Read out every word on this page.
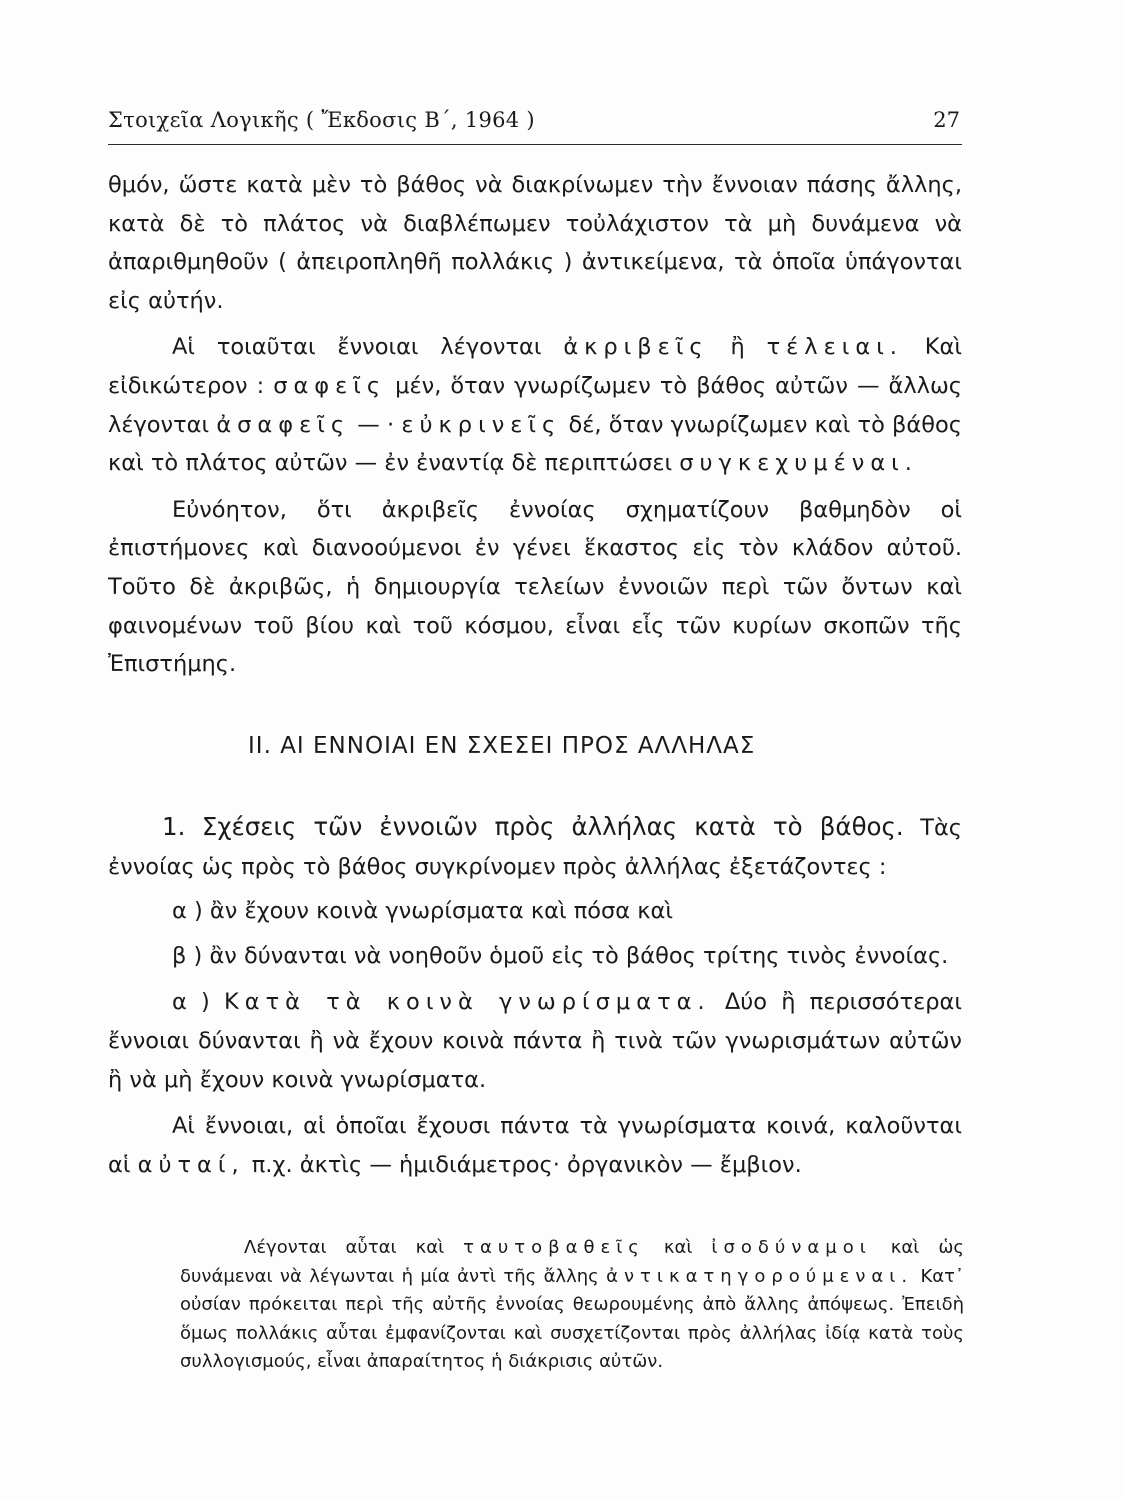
Στοιχεῖα Λογικῆς ( Ἔκδοσις Β΄, 1964 )	27

θμόν, ὥστε κατὰ μὲν τὸ βάθος νὰ διακρίνωμεν τὴν ἔννοιαν πάσης ἄλλης, κατὰ δὲ τὸ πλάτος νὰ διαβλέπωμεν τοὐλάχιστον τὰ μὴ δυνάμενα νὰ ἀπαριθμηθοῦν ( ἀπειροπληθῆ πολλάκις ) ἀντικείμενα, τὰ ὁποῖα ὑπάγονται εἰς αὐτήν.

Αἱ τοιαῦται ἔννοιαι λέγονται ἀκριβεῖς ἢ τέλειαι. Καὶ εἰδικώτερον : σαφεῖς μέν, ὅταν γνωρίζωμεν τὸ βάθος αὐτῶν — ἄλλως λέγονται ἀσαφεῖς — · εὐκρινεῖς δέ, ὅταν γνωρίζωμεν καὶ τὸ βάθος καὶ τὸ πλάτος αὐτῶν — ἐν ἐναντίᾳ δὲ περιπτώσει συγκεχυμέναι.

Εὐνόητον, ὅτι ἀκριβεῖς ἐννοίας σχηματίζουν βαθμηδὸν οἱ ἐπιστήμονες καὶ διανοούμενοι ἐν γένει ἕκαστος εἰς τὸν κλάδον αὐτοῦ. Τοῦτο δὲ ἀκριβῶς, ἡ δημιουργία τελείων ἐννοιῶν περὶ τῶν ὄντων καὶ φαινομένων τοῦ βίου καὶ τοῦ κόσμου, εἶναι εἷς τῶν κυρίων σκοπῶν τῆς Ἐπιστήμης.

II. ΑΙ ΕΝΝΟΙΑΙ ΕΝ ΣΧΕΣΕΙ ΠΡΟΣ ΑΛΛΗΛΑΣ

1. Σχέσεις τῶν ἐννοιῶν πρὸς ἀλλήλας κατὰ τὸ βάθος. Τὰς ἐννοίας ὡς πρὸς τὸ βάθος συγκρίνομεν πρὸς ἀλλήλας ἐξετάζοντες :

α ) ἂν ἔχουν κοινὰ γνωρίσματα καὶ πόσα καὶ

β ) ἂν δύνανται νὰ νοηθοῦν ὁμοῦ εἰς τὸ βάθος τρίτης τινὸς ἐννοίας.

α ) Κατὰ τὰ κοινὰ γνωρίσματα. Δύο ἢ περισσότεραι ἔννοιαι δύνανται ἢ νὰ ἔχουν κοινὰ πάντα ἢ τινὰ τῶν γνωρισμάτων αὐτῶν ἢ νὰ μὴ ἔχουν κοινὰ γνωρίσματα.

Αἱ ἔννοιαι, αἱ ὁποῖαι ἔχουσι πάντα τὰ γνωρίσματα κοινά, καλοῦνται αἱ αὐταί, π.χ. ἀκτὶς — ἡμιδιάμετρος· ὀργανικὸν — ἔμβιον.

Λέγονται αὗται καὶ ταυτοβαθεῖς καὶ ἰσοδύναμοι καὶ ὡς δυνάμεναι νὰ λέγωνται ἡ μία ἀντὶ τῆς ἄλλης ἀντικατηγορούμεναι. Κατ᾽ οὐσίαν πρόκειται περὶ τῆς αὐτῆς ἐννοίας θεωρουμένης ἀπὸ ἄλλης ἀπόψεως. Ἐπειδὴ ὅμως πολλάκις αὗται ἐμφανίζονται καὶ συσχετίζονται πρὸς ἀλλήλας ἰδίᾳ κατὰ τοὺς συλλογισμούς, εἶναι ἀπαραίτητος ἡ διάκρισις αὐτῶν.
